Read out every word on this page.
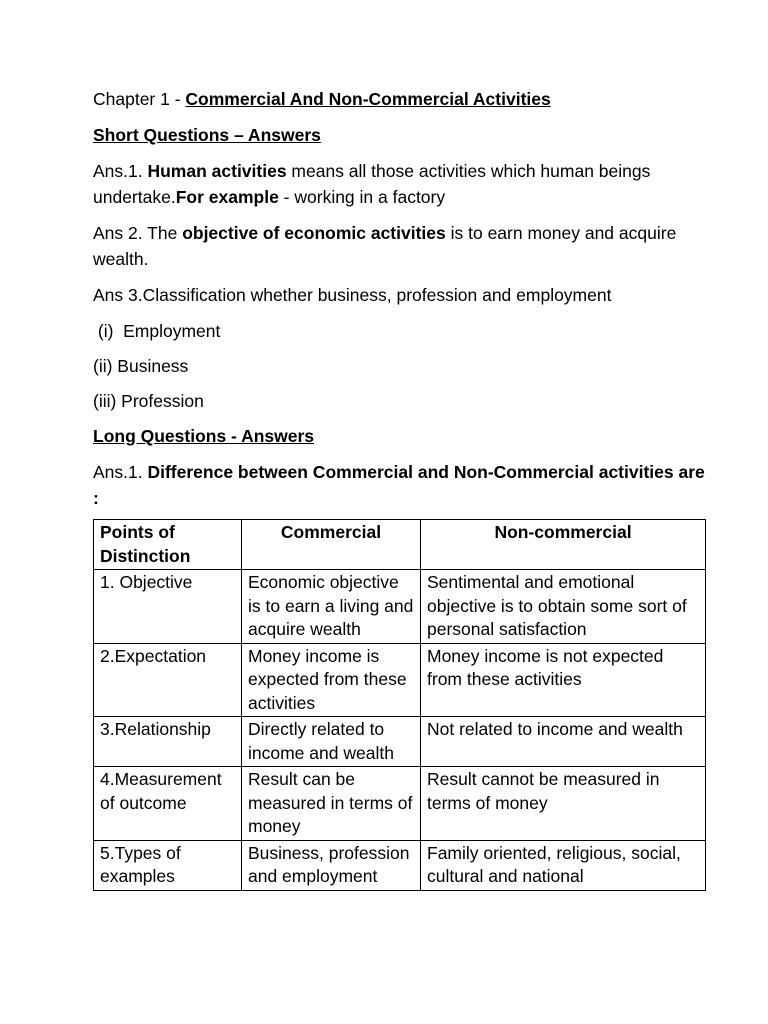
Chapter 1 - Commercial And Non-Commercial Activities

Short Questions – Answers

Ans.1. Human activities means all those activities which human beings undertake.For example - working in a factory

Ans 2. The objective of economic activities is to earn money and acquire wealth.

Ans 3.Classification whether business, profession and employment

(i)  Employment

(ii) Business

(iii) Profession

Long Questions - Answers

Ans.1. Difference between Commercial and Non-Commercial activities are :

Points of Distinction	Commercial	Non-commercial
1. Objective	Economic objective is to earn a living and acquire wealth	Sentimental and emotional objective is to obtain some sort of personal satisfaction
2.Expectation	Money income is expected from these activities	Money income is not expected from these activities
3.Relationship	Directly related to income and wealth	Not related to income and wealth
4.Measurement of outcome	Result can be measured in terms of money	Result cannot be measured in terms of money
5.Types of examples	Business, profession and employment	Family oriented, religious, social, cultural and national
